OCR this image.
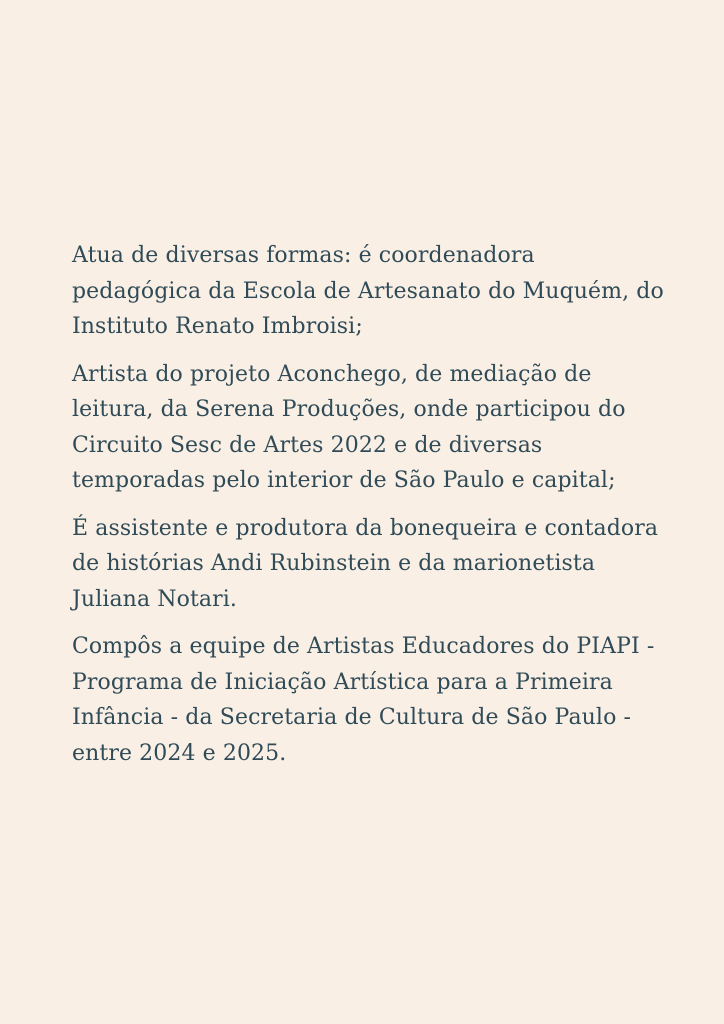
Atua de diversas formas: é coordenadora pedagógica da Escola de Artesanato do Muquém, do Instituto Renato Imbroisi;

Artista do projeto Aconchego, de mediação de leitura, da Serena Produções, onde participou do Circuito Sesc de Artes 2022 e de diversas temporadas pelo interior de São Paulo e capital;

É assistente e produtora da bonequeira e contadora de histórias Andi Rubinstein e da marionetista Juliana Notari.

Compôs a equipe de Artistas Educadores do PIAPI - Programa de Iniciação Artística para a Primeira Infância - da Secretaria de Cultura de São Paulo - entre 2024 e 2025.
